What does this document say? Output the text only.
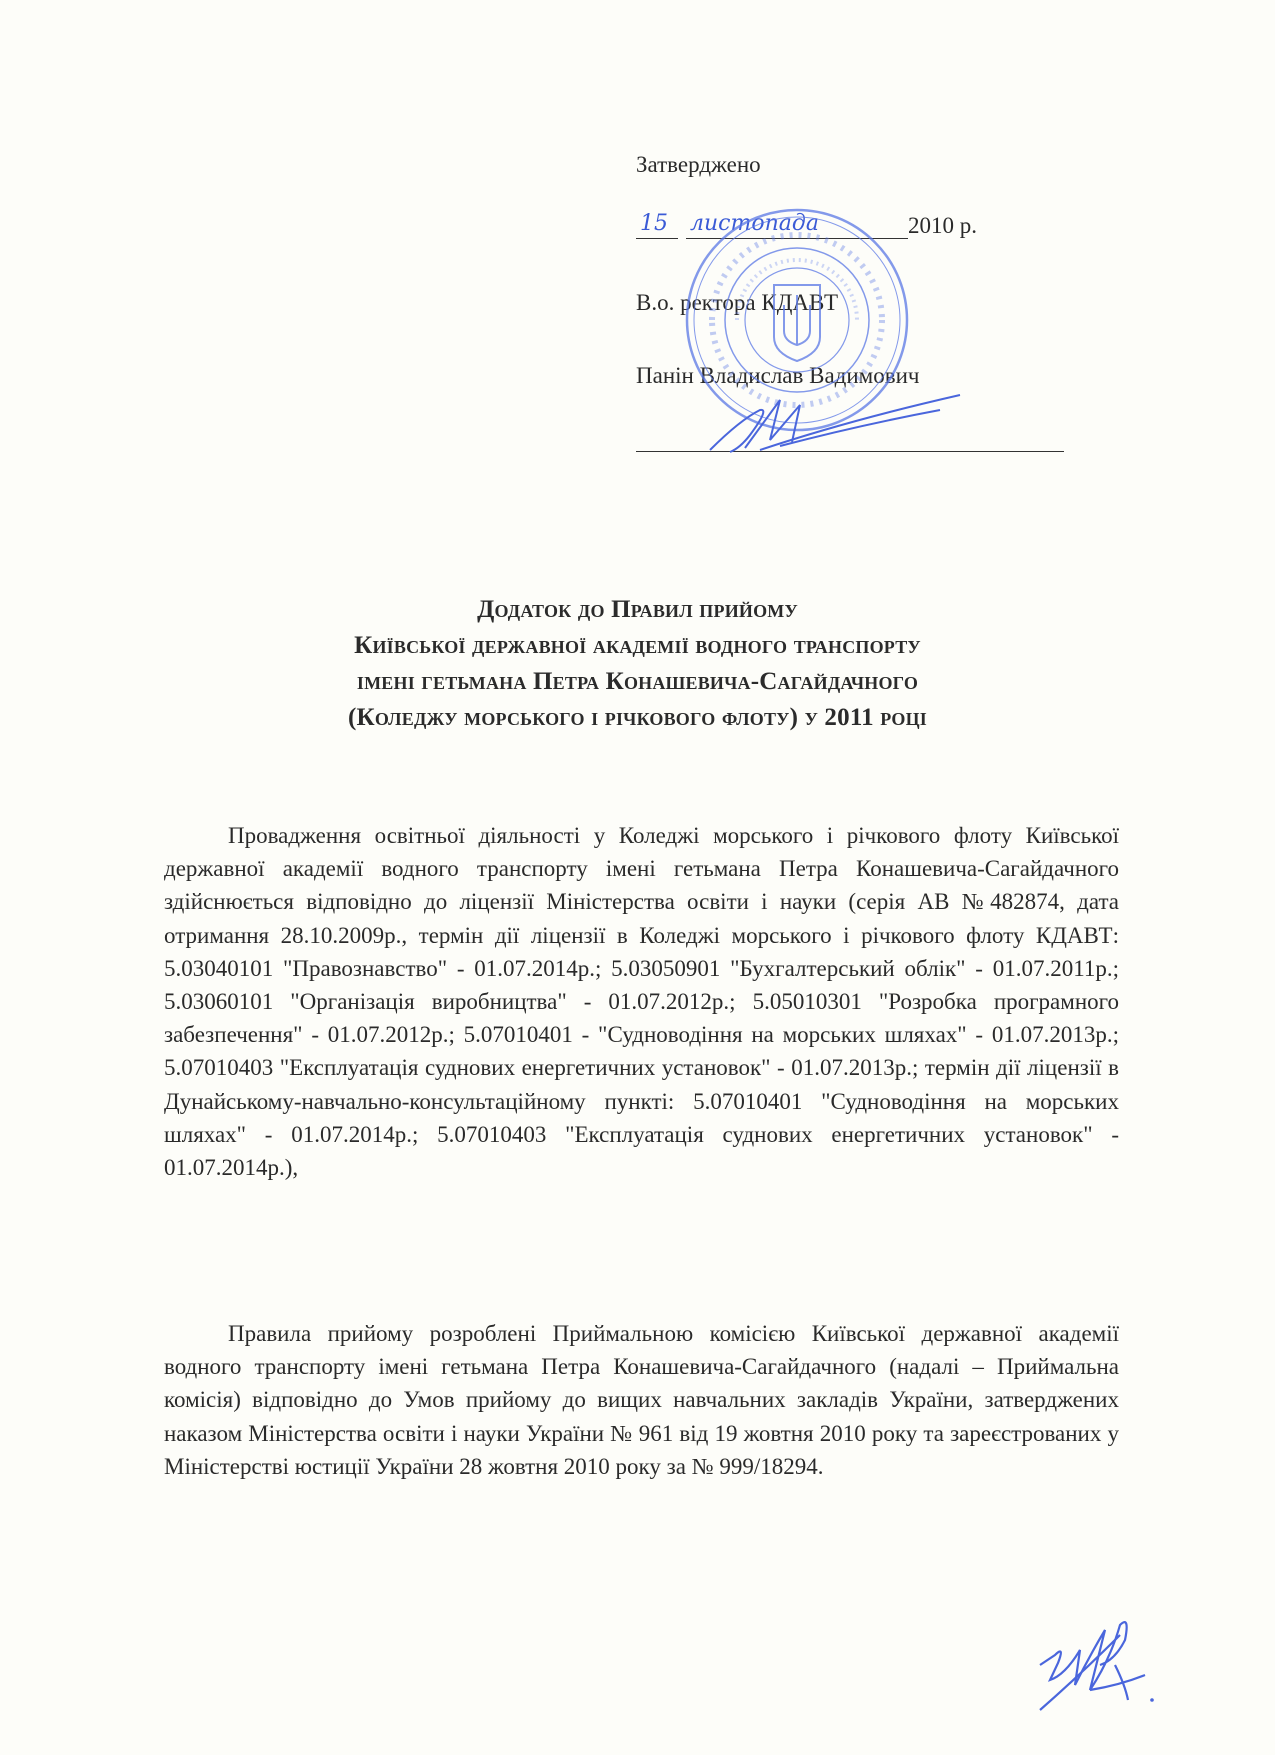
Затверджено
15 листопада	2010 р.
В.о. ректора КДАВТ
Панін Владислав Вадимович
Додаток до Правил прийому
Київської державної академії водного транспорту
імені гетьмана Петра Конашевича-Сагайдачного
(Коледжу морського і річкового флоту) у 2011 році
Провадження освітньої діяльності у Коледжі морського і річкового флоту Київської державної академії водного транспорту імені гетьмана Петра Конашевича-Сагайдачного здійснюється відповідно до ліцензії Міністерства освіти і науки (серія АВ №482874, дата отримання 28.10.2009р., термін дії ліцензії в Коледжі морського і річкового флоту КДАВТ: 5.03040101 "Правознавство" - 01.07.2014р.; 5.03050901 "Бухгалтерський облік" - 01.07.2011р.; 5.03060101 "Організація виробництва" - 01.07.2012р.; 5.05010301 "Розробка програмного забезпечення" - 01.07.2012р.; 5.07010401 - "Судноводіння на морських шляхах" - 01.07.2013р.; 5.07010403 "Експлуатація суднових енергетичних установок" - 01.07.2013р.; термін дії ліцензії в Дунайському-навчально-консультаційному пункті: 5.07010401 "Судноводіння на морських шляхах" - 01.07.2014р.; 5.07010403 "Експлуатація суднових енергетичних установок" - 01.07.2014р.),
Правила прийому розроблені Приймальною комісією Київської державної академії водного транспорту імені гетьмана Петра Конашевича-Сагайдачного (надалі – Приймальна комісія) відповідно до Умов прийому до вищих навчальних закладів України, затверджених наказом Міністерства освіти і науки України № 961 від 19 жовтня 2010 року та зареєстрованих у Міністерстві юстиції України 28 жовтня 2010 року за № 999/18294.
